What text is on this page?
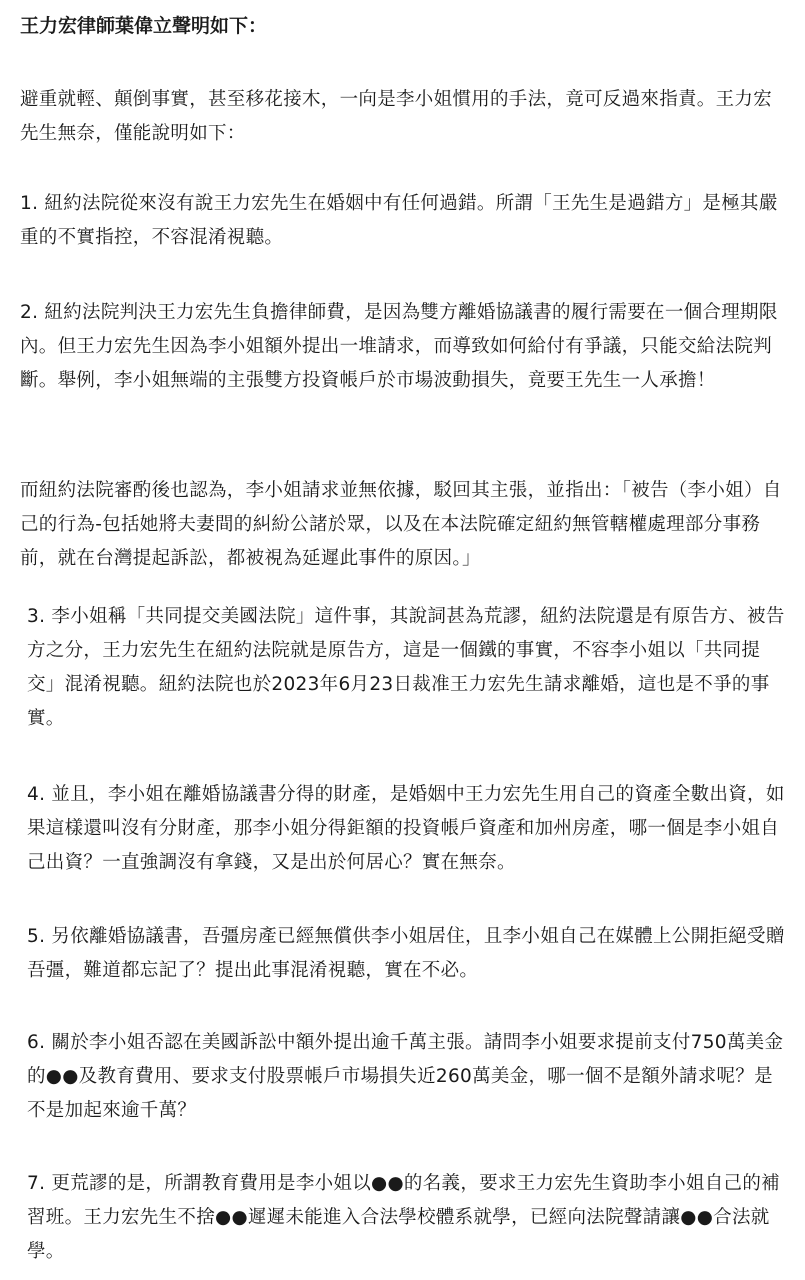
王力宏律師葉偉立聲明如下：

避重就輕、顛倒事實，甚至移花接木，一向是李小姐慣用的手法，竟可反過來指責。王力宏先生無奈，僅能說明如下：

1. 紐約法院從來沒有說王力宏先生在婚姻中有任何過錯。所謂「王先生是過錯方」是極其嚴重的不實指控，不容混淆視聽。

2. 紐約法院判決王力宏先生負擔律師費，是因為雙方離婚協議書的履行需要在一個合理期限內。但王力宏先生因為李小姐額外提出一堆請求，而導致如何給付有爭議，只能交給法院判斷。舉例，李小姐無端的主張雙方投資帳戶於市場波動損失，竟要王先生一人承擔！

而紐約法院審酌後也認為，李小姐請求並無依據，駁回其主張，並指出：「被告（李小姐）自己的行為-包括她將夫妻間的糾紛公諸於眾，以及在本法院確定紐約無管轄權處理部分事務前，就在台灣提起訴訟，都被視為延遲此事件的原因。」

3. 李小姐稱「共同提交美國法院」這件事，其說詞甚為荒謬，紐約法院還是有原告方、被告方之分，王力宏先生在紐約法院就是原告方，這是一個鐵的事實，不容李小姐以「共同提交」混淆視聽。紐約法院也於2023年6月23日裁准王力宏先生請求離婚，這也是不爭的事實。

4. 並且，李小姐在離婚協議書分得的財產，是婚姻中王力宏先生用自己的資產全數出資，如果這樣還叫沒有分財產，那李小姐分得鉅額的投資帳戶資產和加州房產，哪一個是李小姐自己出資？一直強調沒有拿錢，又是出於何居心？實在無奈。

5. 另依離婚協議書，吾彊房產已經無償供李小姐居住，且李小姐自己在媒體上公開拒絕受贈吾彊，難道都忘記了？提出此事混淆視聽，實在不必。

6. 關於李小姐否認在美國訴訟中額外提出逾千萬主張。請問李小姐要求提前支付750萬美金的●●及教育費用、要求支付股票帳戶市場損失近260萬美金，哪一個不是額外請求呢？是不是加起來逾千萬？

7. 更荒謬的是，所謂教育費用是李小姐以●●的名義，要求王力宏先生資助李小姐自己的補習班。王力宏先生不捨●●遲遲未能進入合法學校體系就學，已經向法院聲請讓●●合法就學。
